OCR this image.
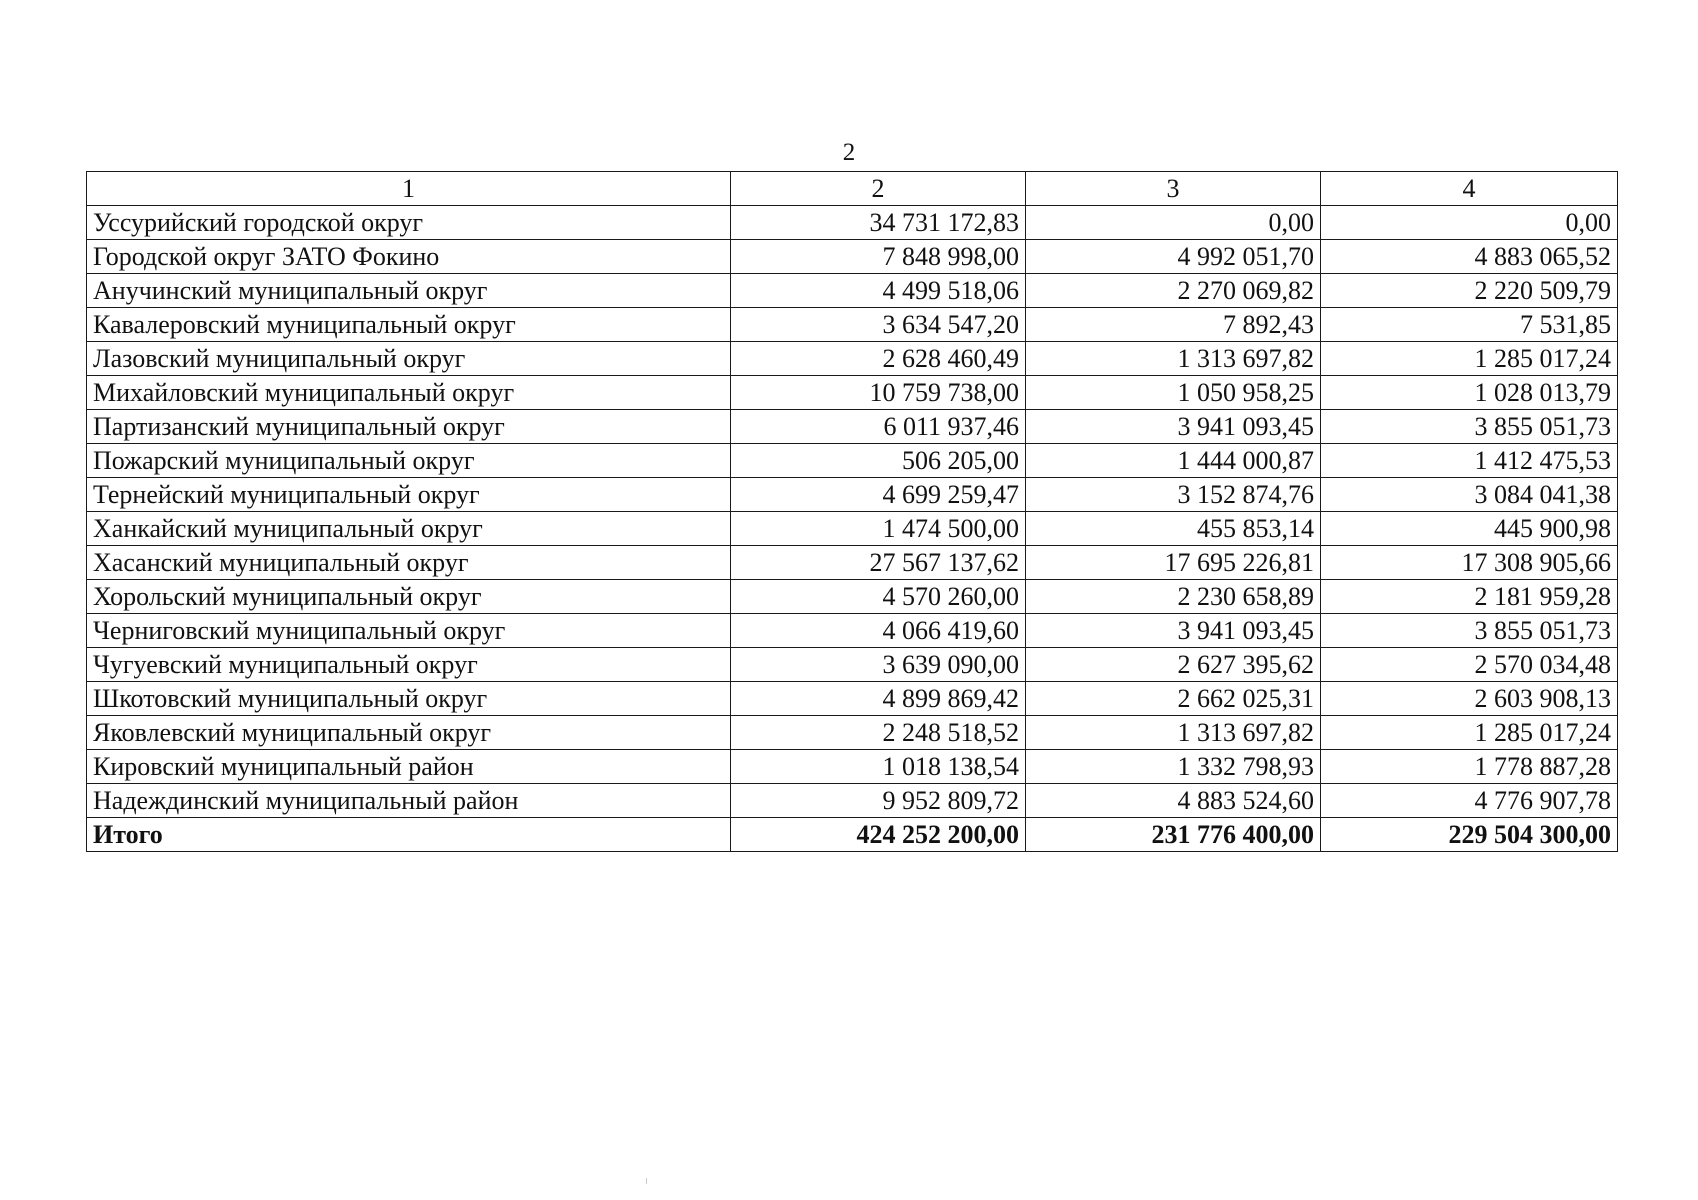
2
1	2	3	4
Уссурийский городской округ	34 731 172,83	0,00	0,00
Городской округ ЗАТО Фокино	7 848 998,00	4 992 051,70	4 883 065,52
Анучинский муниципальный округ	4 499 518,06	2 270 069,82	2 220 509,79
Кавалеровский муниципальный округ	3 634 547,20	7 892,43	7 531,85
Лазовский муниципальный округ	2 628 460,49	1 313 697,82	1 285 017,24
Михайловский муниципальный округ	10 759 738,00	1 050 958,25	1 028 013,79
Партизанский муниципальный округ	6 011 937,46	3 941 093,45	3 855 051,73
Пожарский муниципальный округ	506 205,00	1 444 000,87	1 412 475,53
Тернейский муниципальный округ	4 699 259,47	3 152 874,76	3 084 041,38
Ханкайский муниципальный округ	1 474 500,00	455 853,14	445 900,98
Хасанский муниципальный округ	27 567 137,62	17 695 226,81	17 308 905,66
Хорольский муниципальный округ	4 570 260,00	2 230 658,89	2 181 959,28
Черниговский муниципальный округ	4 066 419,60	3 941 093,45	3 855 051,73
Чугуевский муниципальный округ	3 639 090,00	2 627 395,62	2 570 034,48
Шкотовский муниципальный округ	4 899 869,42	2 662 025,31	2 603 908,13
Яковлевский муниципальный округ	2 248 518,52	1 313 697,82	1 285 017,24
Кировский муниципальный район	1 018 138,54	1 332 798,93	1 778 887,28
Надеждинский муниципальный район	9 952 809,72	4 883 524,60	4 776 907,78
Итого	424 252 200,00	231 776 400,00	229 504 300,00
